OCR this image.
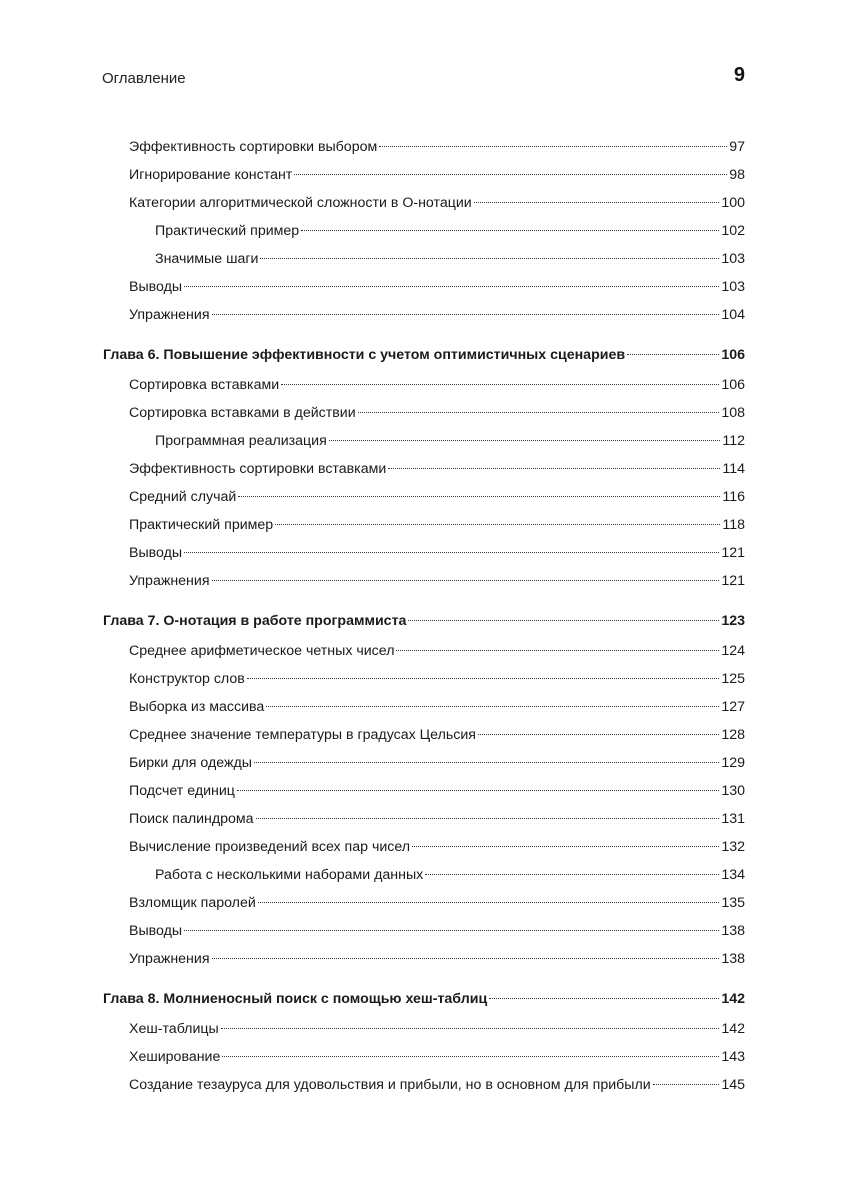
Оглавление	9
Эффективность сортировки выбором	97
Игнорирование констант	98
Категории алгоритмической сложности в O-нотации	100
Практический пример	102
Значимые шаги	103
Выводы	103
Упражнения	104
Глава 6. Повышение эффективности с учетом оптимистичных сценариев	106
Сортировка вставками	106
Сортировка вставками в действии	108
Программная реализация	112
Эффективность сортировки вставками	114
Средний случай	116
Практический пример	118
Выводы	121
Упражнения	121
Глава 7. O-нотация в работе программиста	123
Среднее арифметическое четных чисел	124
Конструктор слов	125
Выборка из массива	127
Среднее значение температуры в градусах Цельсия	128
Бирки для одежды	129
Подсчет единиц	130
Поиск палиндрома	131
Вычисление произведений всех пар чисел	132
Работа с несколькими наборами данных	134
Взломщик паролей	135
Выводы	138
Упражнения	138
Глава 8. Молниеносный поиск с помощью хеш-таблиц	142
Хеш-таблицы	142
Хеширование	143
Создание тезауруса для удовольствия и прибыли, но в основном для прибыли	145
